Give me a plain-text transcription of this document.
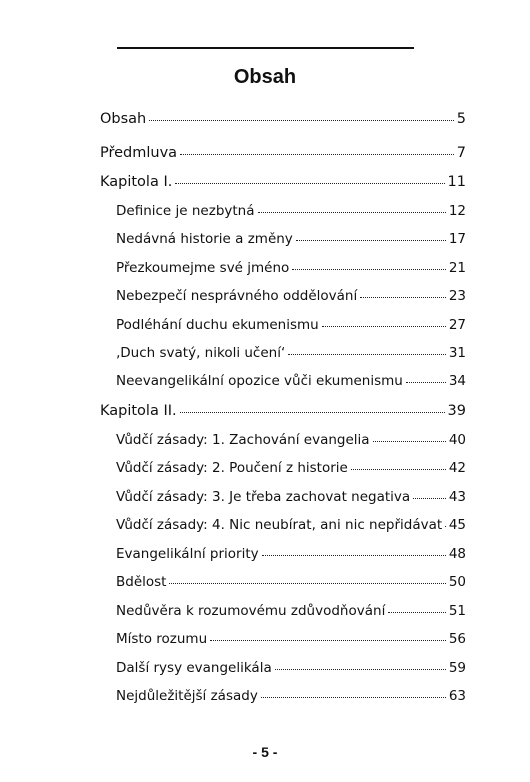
Obsah
Obsah	5
Předmluva	7
Kapitola I.	11
Definice je nezbytná	12
Nedávná historie a změny	17
Přezkoumejme své jméno	21
Nebezpečí nesprávného oddělování	23
Podléhání duchu ekumenismu	27
‚Duch svatý, nikoli učení‘	31
Neevangelikální opozice vůči ekumenismu	34
Kapitola II.	39
Vůdčí zásady: 1. Zachování evangelia	40
Vůdčí zásady: 2. Poučení z historie	42
Vůdčí zásady: 3. Je třeba zachovat negativa	43
Vůdčí zásady: 4. Nic neubírat, ani nic nepřidávat 45
Evangelikální priority	48
Bdělost	50
Nedůvěra k rozumovému zdůvodňování	51
Místo rozumu	56
Další rysy evangelikála	59
Nejdůležitější zásady	63
- 5 -
